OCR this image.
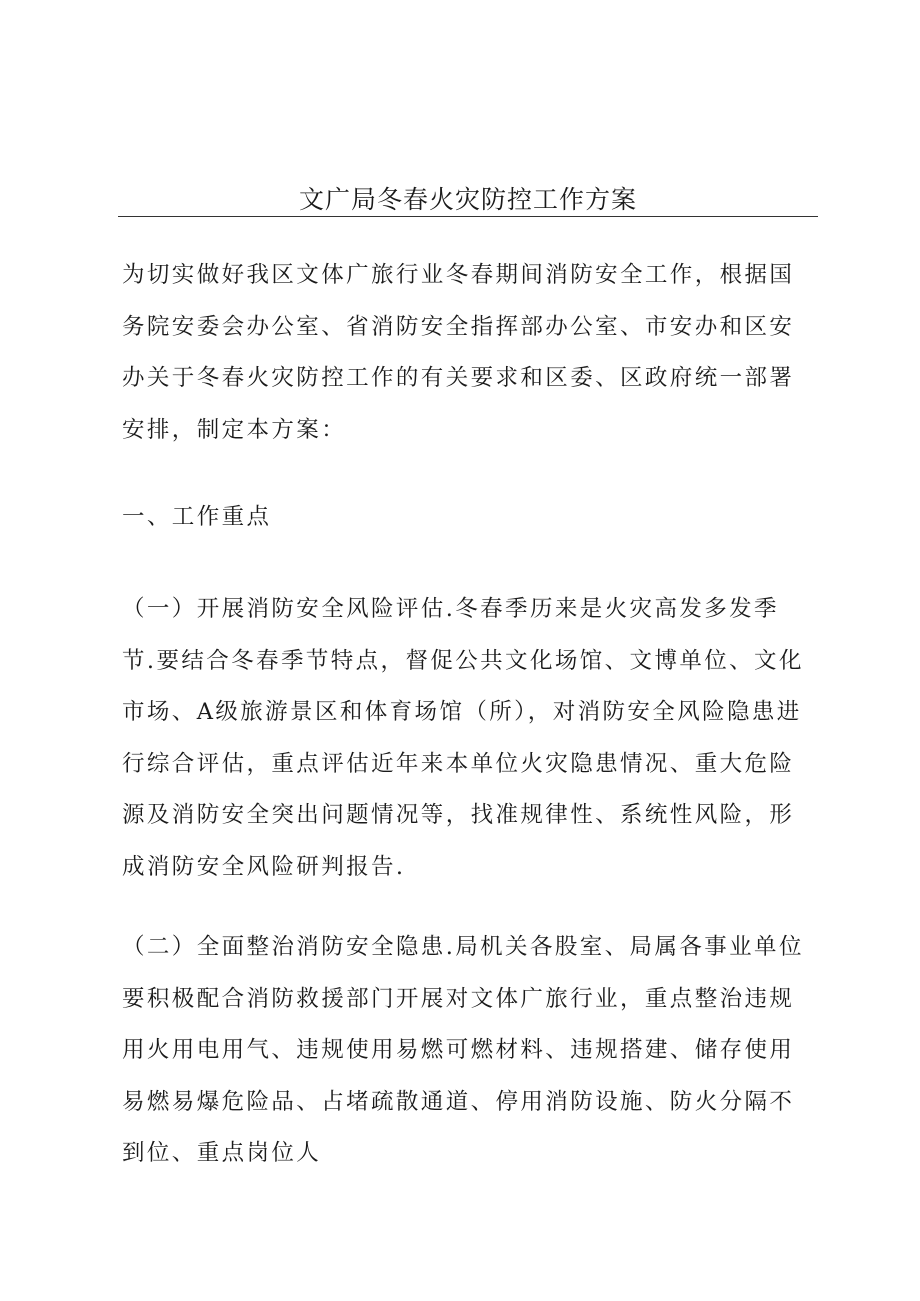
文广局冬春火灾防控工作方案

为切实做好我区文体广旅行业冬春期间消防安全工作，根据国务院安委会办公室、省消防安全指挥部办公室、市安办和区安办关于冬春火灾防控工作的有关要求和区委、区政府统一部署安排，制定本方案：

一、工作重点

（一）开展消防安全风险评估.冬春季历来是火灾高发多发季节.要结合冬春季节特点，督促公共文化场馆、文博单位、文化市场、A级旅游景区和体育场馆（所），对消防安全风险隐患进行综合评估，重点评估近年来本单位火灾隐患情况、重大危险源及消防安全突出问题情况等，找准规律性、系统性风险，形成消防安全风险研判报告.

（二）全面整治消防安全隐患.局机关各股室、局属各事业单位要积极配合消防救援部门开展对文体广旅行业，重点整治违规用火用电用气、违规使用易燃可燃材料、违规搭建、储存使用易燃易爆危险品、占堵疏散通道、停用消防设施、防火分隔不到位、重点岗位人
